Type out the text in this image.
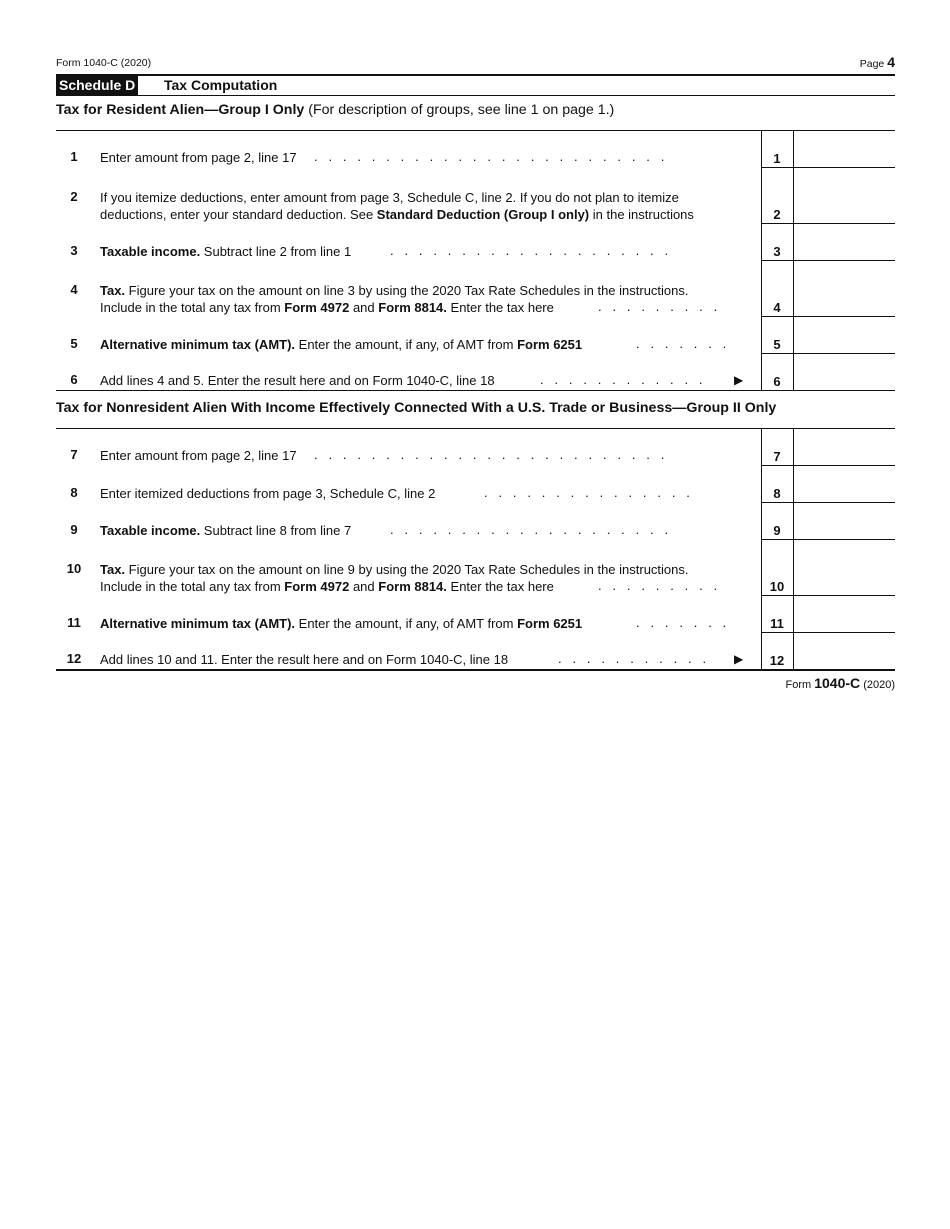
Form 1040-C (2020)	Page 4
Schedule D Tax Computation
Tax for Resident Alien—Group I Only (For description of groups, see line 1 on page 1.)
1	Enter amount from page 2, line 17	.   .   .   .   .   .   .   .   .   .   .   .   .   .   .   .   .   .   .   .   .   .   .   .   .	1
2	If you itemize deductions, enter amount from page 3, Schedule C, line 2. If you do not plan to itemize
deductions, enter your standard deduction. See Standard Deduction (Group I only) in the instructions	2
3	Taxable income. Subtract line 2 from line 1	.   .   .   .   .   .   .   .   .   .   .   .   .   .   .   .   .   .   .   .	3
4	Tax. Figure your tax on the amount on line 3 by using the 2020 Tax Rate Schedules in the instructions.
Include in the total any tax from Form 4972 and Form 8814. Enter the tax here	.   .   .   .   .   .   .   .   .	4
5	Alternative minimum tax (AMT). Enter the amount, if any, of AMT from Form 6251	.   .   .   .   .   .   .	5
6	Add lines 4 and 5. Enter the result here and on Form 1040-C, line 18	.   .   .   .   .   .   .   .   .   .   .   .	▶	6
Tax for Nonresident Alien With Income Effectively Connected With a U.S. Trade or Business—Group II Only
7	Enter amount from page 2, line 17	.   .   .   .   .   .   .   .   .   .   .   .   .   .   .   .   .   .   .   .   .   .   .   .   .	7
8	Enter itemized deductions from page 3, Schedule C, line 2	.   .   .   .   .   .   .   .   .   .   .   .   .   .   .	8
9	Taxable income. Subtract line 8 from line 7	.   .   .   .   .   .   .   .   .   .   .   .   .   .   .   .   .   .   .   .	9
10	Tax. Figure your tax on the amount on line 9 by using the 2020 Tax Rate Schedules in the instructions.
Include in the total any tax from Form 4972 and Form 8814. Enter the tax here	.   .   .   .   .   .   .   .   .	10
11	Alternative minimum tax (AMT). Enter the amount, if any, of AMT from Form 6251	.   .   .   .   .   .   .	11
12	Add lines 10 and 11. Enter the result here and on Form 1040-C, line 18	.   .   .   .   .   .   .   .   .   .   . ▶	12
Form 1040-C (2020)
